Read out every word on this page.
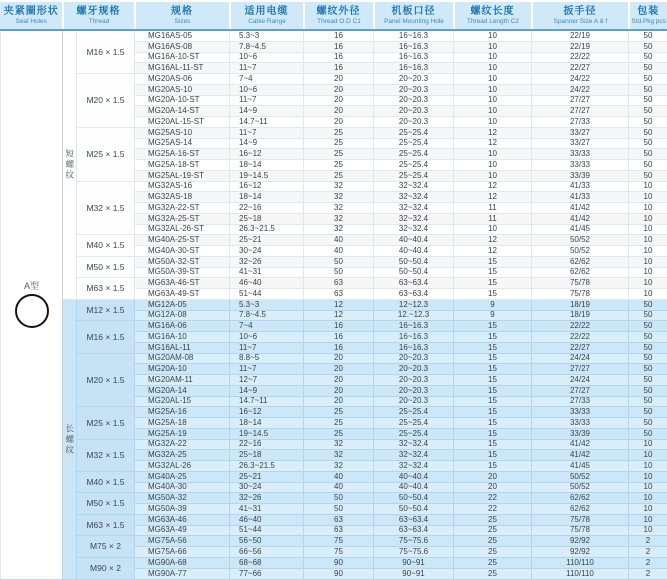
夹紧圈形状
Seal Holes	螺牙规格
Thread		规格
Sizes	适用电缆
Cabie Range	螺纹外径
Thread O.D C1	机板口径
Panel Mounting Hole	螺纹长度
Thread Length C2	扳手径
Spanner Size A & f	包装
Std.Pkg pcs

A型	短螺纹	M16 × 1.5	MG16AS-05	5.3~3	16	16~16.3	10	22/19	50
			MG16AS-08	7.8~4.5	16	16~16.3	10	22/19	50
			MG16A-10-ST	10~6	16	16~16.3	10	22/22	50
			MG16AL-11-ST	11~7	16	16~16.3	10	22/27	50
		M20 × 1.5	MG20AS-06	7~4	20	20~20.3	10	24/22	50
			MG20AS-10	10~6	20	20~20.3	10	24/22	50
			MG20A-10-ST	11~7	20	20~20.3	10	27/27	50
			MG20A-14-ST	14~9	20	20~20.3	10	27/27	50
			MG20AL-15-ST	14.7~11	20	20~20.3	10	27/33	50
		M25 × 1.5	MG25AS-10	11~7	25	25~25.4	12	33/27	50
			MG25AS-14	14~9	25	25~25.4	12	33/27	50
			MG25A-16-ST	16~12	25	25~25.4	10	33/33	50
			MG25A-18-ST	18~14	25	25~25.4	10	33/33	50
			MG25AL-19-ST	19~14.5	25	25~25.4	10	33/39	50
		M32 × 1.5	MG32AS-16	16~12	32	32~32.4	12	41/33	10
			MG32AS-18	18~14	32	32~32.4	12	41/33	10
			MG32A-22-ST	22~16	32	32~32.4	11	41/42	10
			MG32A-25-ST	25~18	32	32~32.4	11	41/42	10
			MG32AL-26-ST	26.3~21.5	32	32~32.4	10	41/45	10
		M40 × 1.5	MG40A-25-ST	25~21	40	40~40.4	12	50/52	10
			MG40A-30-ST	30~24	40	40~40.4	12	50/52	10
		M50 × 1.5	MG50A-32-ST	32~26	50	50~50.4	15	62/62	10
			MG50A-39-ST	41~31	50	50~50.4	15	62/62	10
		M63 × 1.5	MG63A-46-ST	46~40	63	63~63.4	15	75/78	10
			MG63A-49-ST	51~44	63	63~63.4	15	75/78	10

	长螺纹	M12 × 1.5	MG12A-05	5.3~3	12	12~12.3	9	18/19	50
			MG12A-08	7.8~4.5	12	12.~12.3	9	18/19	50
		M16 × 1.5	MG16A-06	7~4	16	16~16.3	15	22/22	50
			MG16A-10	10~6	16	16~16.3	15	22/22	50
			MG16AL-11	11~7	16	16~16.3	15	22/27	50
		M20 × 1.5	MG20AM-08	8.8~5	20	20~20.3	15	24/24	50
			MG20A-10	11~7	20	20~20.3	15	27/27	50
			MG20AM-11	12~7	20	20~20.3	15	24/24	50
			MG20A-14	14~9	20	20~20.3	15	27/27	50
			MG20AL-15	14.7~11	20	20~20.3	15	27/33	50
		M25 × 1.5	MG25A-16	16~12	25	25~25.4	15	33/33	50
			MG25A-18	18~14	25	25~25.4	15	33/33	50
			MG25A-19	19~14.5	25	25~25.4	15	33/39	50
		M32 × 1.5	MG32A-22	22~16	32	32~32.4	15	41/42	10
			MG32A-25	25~18	32	32~32.4	15	41/42	10
			MG32AL-26	26.3~21.5	32	32~32.4	15	41/45	10
		M40 × 1.5	MG40A-25	25~21	40	40~40.4	20	50/52	10
			MG40A-30	30~24	40	40~40.4	20	50/52	10
		M50 × 1.5	MG50A-32	32~26	50	50~50.4	22	62/62	10
			MG50A-39	41~31	50	50~50.4	22	62/62	10
		M63 × 1.5	MG63A-46	46~40	63	63~63.4	25	75/78	10
			MG63A-49	51~44	63	63~63.4	25	75/78	10
		M75 × 2	MG75A-56	56~50	75	75~75.6	25	92/92	2
			MG75A-66	66~56	75	75~75.6	25	92/92	2
		M90 × 2	MG90A-68	68~68	90	90~91	25	110/110	2
			MG90A-77	77~66	90	90~91	25	110/110	2
